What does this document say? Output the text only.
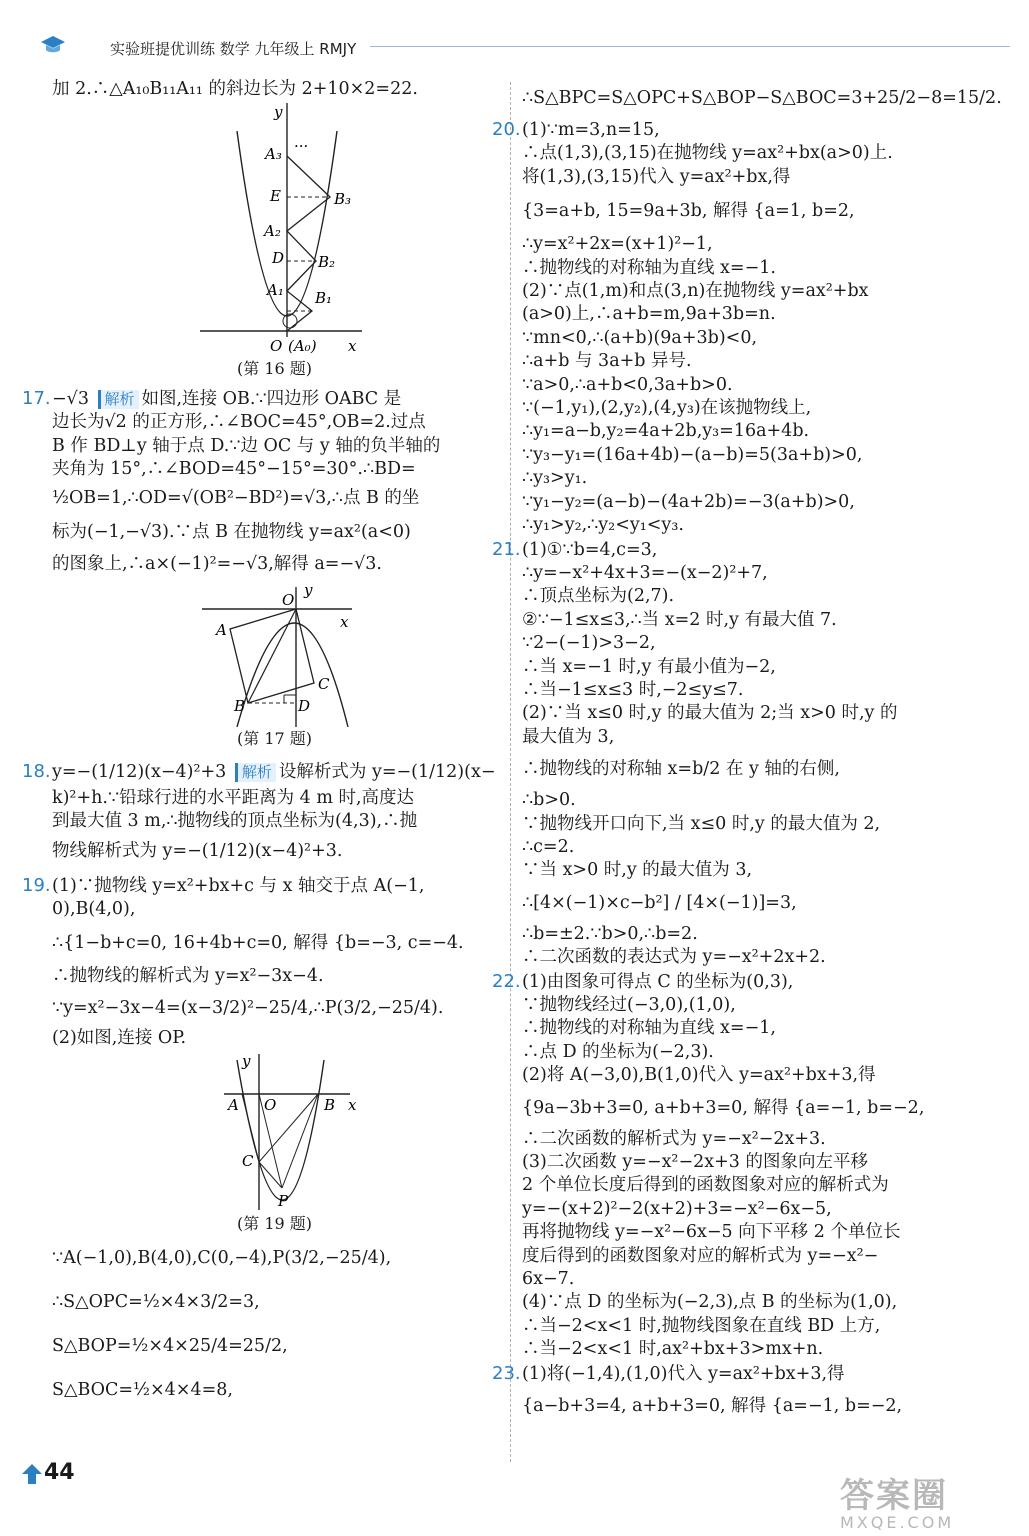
实验班提优训练 数学 九年级上 RMJY
加 2.∴△A₁₀B₁₁A₁₁ 的斜边长为 2+10×2=22.
y
A₃ ···
E	B₃
A₂
D B₂
A₁ B₁
O (A₀) x
(第 16 题)
17.−√3 解析 如图,连接 OB.∵四边形 OABC 是
边长为√2 的正方形,∴∠BOC=45°,OB=2.过点
B 作 BD⊥y 轴于点 D.∵边 OC 与 y 轴的负半轴的
夹角为 15°,∴∠BOD=45°−15°=30°.∴BD=
½OB=1,∴OD=√(OB²−BD²)=√3,∴点 B 的坐
标为(−1,−√3).∵点 B 在抛物线 y=ax²(a<0)
的图象上,∴a×(−1)²=−√3,解得 a=−√3.
y
O
x
A
C
B	D
(第 17 题)
18.y=−(1/12)(x−4)²+3 解析 设解析式为 y=−(1/12)(x−
k)²+h.∵铅球行进的水平距离为 4 m 时,高度达
到最大值 3 m,∴抛物线的顶点坐标为(4,3),∴抛
物线解析式为 y=−(1/12)(x−4)²+3.
19.(1)∵抛物线 y=x²+bx+c 与 x 轴交于点 A(−1,
0),B(4,0),
∴{1−b+c=0, 16+4b+c=0, 解得 {b=−3, c=−4.
∴抛物线的解析式为 y=x²−3x−4.
∵y=x²−3x−4=(x−3/2)²−25/4,∴P(3/2,−25/4).
(2)如图,连接 OP.
y
A O	B x
C
P
(第 19 题)
∵A(−1,0),B(4,0),C(0,−4),P(3/2,−25/4),
∴S△OPC=½×4×3/2=3,
S△BOP=½×4×25/4=25/2,
S△BOC=½×4×4=8,
∴S△BPC=S△OPC+S△BOP−S△BOC=3+25/2−8=15/2.
20.(1)∵m=3,n=15,
∴点(1,3),(3,15)在抛物线 y=ax²+bx(a>0)上.
将(1,3),(3,15)代入 y=ax²+bx,得
{3=a+b, 15=9a+3b, 解得 {a=1, b=2,
∴y=x²+2x=(x+1)²−1,
∴抛物线的对称轴为直线 x=−1.
(2)∵点(1,m)和点(3,n)在抛物线 y=ax²+bx
(a>0)上,∴a+b=m,9a+3b=n.
∵mn<0,∴(a+b)(9a+3b)<0,
∴a+b 与 3a+b 异号.
∵a>0,∴a+b<0,3a+b>0.
∵(−1,y₁),(2,y₂),(4,y₃)在该抛物线上,
∴y₁=a−b,y₂=4a+2b,y₃=16a+4b.
∵y₃−y₁=(16a+4b)−(a−b)=5(3a+b)>0,
∴y₃>y₁.
∵y₁−y₂=(a−b)−(4a+2b)=−3(a+b)>0,
∴y₁>y₂,∴y₂<y₁<y₃.
21.(1)①∵b=4,c=3,
∴y=−x²+4x+3=−(x−2)²+7,
∴顶点坐标为(2,7).
②∵−1≤x≤3,∴当 x=2 时,y 有最大值 7.
∵2−(−1)>3−2,
∴当 x=−1 时,y 有最小值为−2,
∴当−1≤x≤3 时,−2≤y≤7.
(2)∵当 x≤0 时,y 的最大值为 2;当 x>0 时,y 的
最大值为 3,
∴抛物线的对称轴 x=b/2 在 y 轴的右侧,
∴b>0.
∵抛物线开口向下,当 x≤0 时,y 的最大值为 2,
∴c=2.
∵当 x>0 时,y 的最大值为 3,
∴[4×(−1)×c−b²] / [4×(−1)]=3,
∴b=±2.∵b>0,∴b=2.
∴二次函数的表达式为 y=−x²+2x+2.
22.(1)由图象可得点 C 的坐标为(0,3),
∵抛物线经过(−3,0),(1,0),
∴抛物线的对称轴为直线 x=−1,
∴点 D 的坐标为(−2,3).
(2)将 A(−3,0),B(1,0)代入 y=ax²+bx+3,得
{9a−3b+3=0, a+b+3=0, 解得 {a=−1, b=−2,
∴二次函数的解析式为 y=−x²−2x+3.
(3)二次函数 y=−x²−2x+3 的图象向左平移
2 个单位长度后得到的函数图象对应的解析式为
y=−(x+2)²−2(x+2)+3=−x²−6x−5,
再将抛物线 y=−x²−6x−5 向下平移 2 个单位长
度后得到的函数图象对应的解析式为 y=−x²−
6x−7.
(4)∵点 D 的坐标为(−2,3),点 B 的坐标为(1,0),
∴当−2<x<1 时,抛物线图象在直线 BD 上方,
∴当−2<x<1 时,ax²+bx+3>mx+n.
23.(1)将(−1,4),(1,0)代入 y=ax²+bx+3,得
{a−b+3=4, a+b+3=0, 解得 {a=−1, b=−2,
44
答案圈
MXQE.COM
